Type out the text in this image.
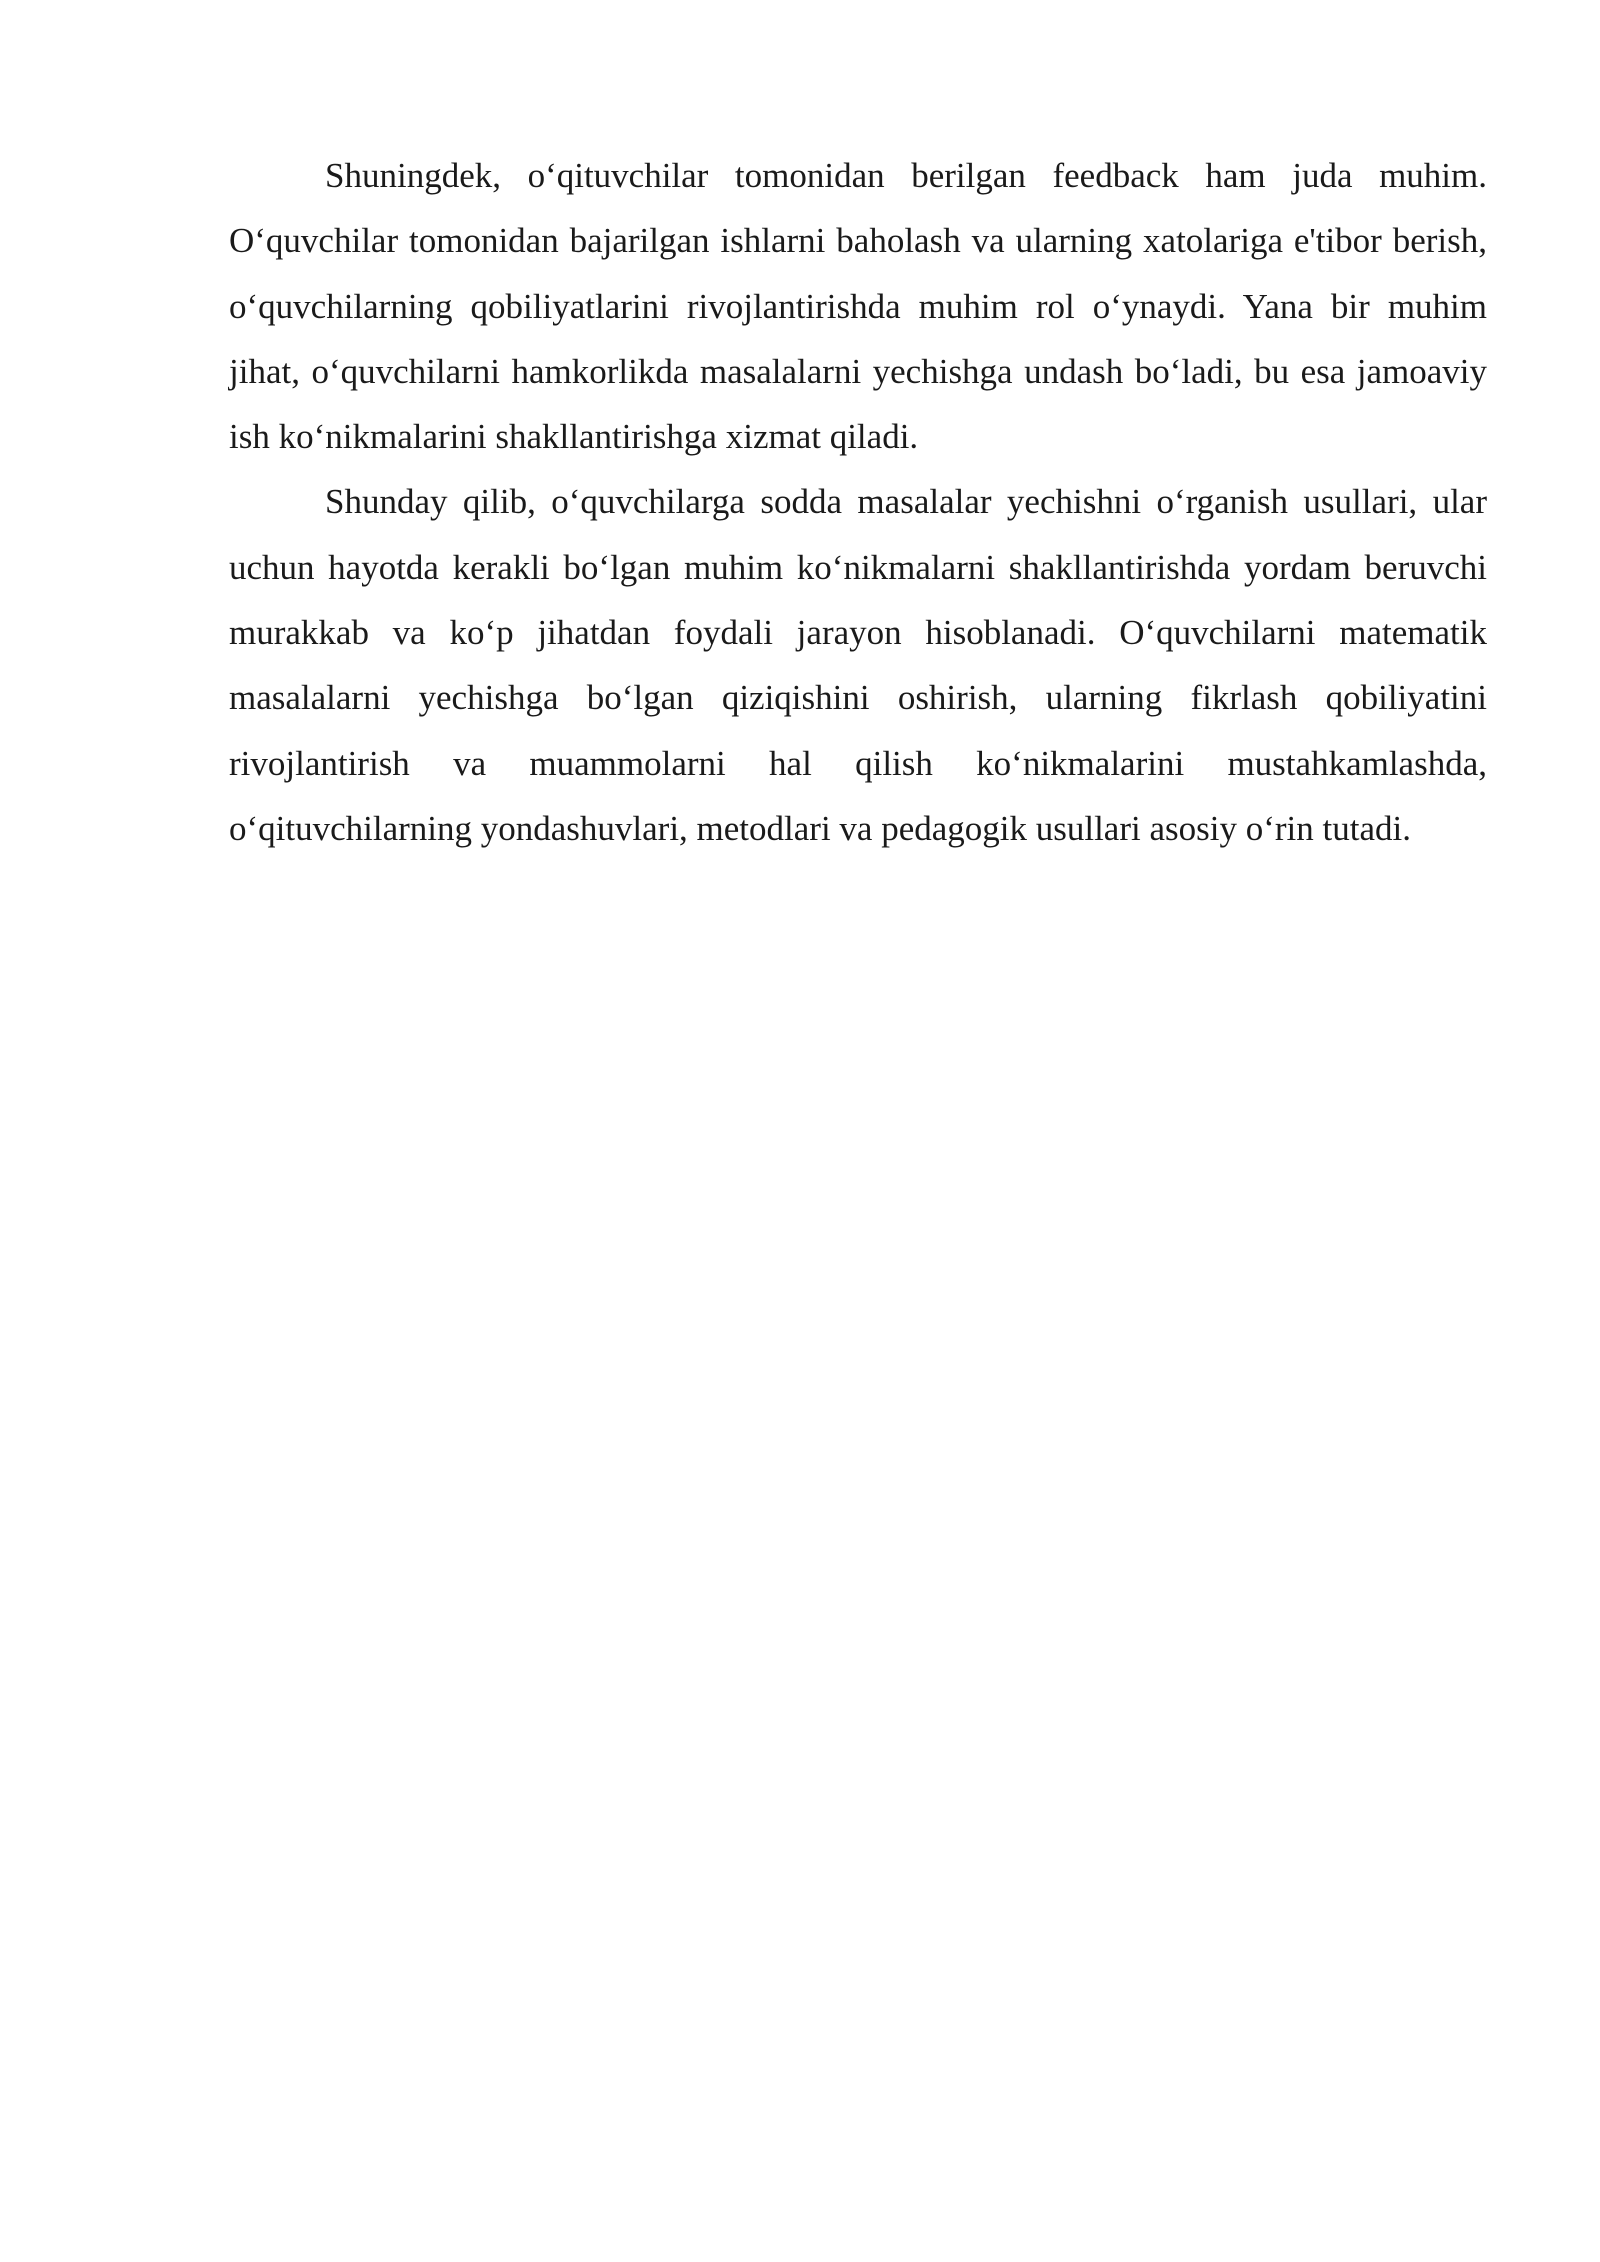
Shuningdek, o‘qituvchilar tomonidan berilgan feedback ham juda muhim. O‘quvchilar tomonidan bajarilgan ishlarni baholash va ularning xatolariga e'tibor berish, o‘quvchilarning qobiliyatlarini rivojlantirishda muhim rol o‘ynaydi. Yana bir muhim jihat, o‘quvchilarni hamkorlikda masalalarni yechishga undash bo‘ladi, bu esa jamoaviy ish ko‘nikmalarini shakllantirishga xizmat qiladi.

Shunday qilib, o‘quvchilarga sodda masalalar yechishni o‘rganish usullari, ular uchun hayotda kerakli bo‘lgan muhim ko‘nikmalarni shakllantirishda yordam beruvchi murakkab va ko‘p jihatdan foydali jarayon hisoblanadi. O‘quvchilarni matematik masalalarni yechishga bo‘lgan qiziqishini oshirish, ularning fikrlash qobiliyatini rivojlantirish va muammolarni hal qilish ko‘nikmalarini mustahkamlashda, o‘qituvchilarning yondashuvlari, metodlari va pedagogik usullari asosiy o‘rin tutadi.
